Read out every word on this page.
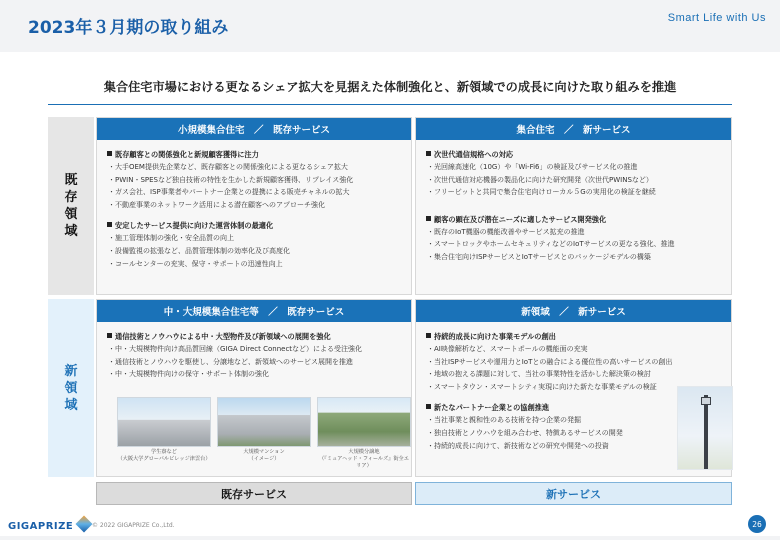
2023年３月期の取り組み	Smart Life with Us
集合住宅市場における更なるシェア拡大を見据えた体制強化と、新領域での成長に向けた取り組みを推進
既
存
領
域
新
領
域
小規模集合住宅　／　既存サービス
既存顧客との関係強化と新規顧客獲得に注力
・ 大手OEM提供先企業など、既存顧客との関係強化による更なるシェア拡大
・ PWIN・SPESなど独自技術の特性を生かした新規顧客獲得、リプレイス強化
・ ガス会社、ISP事業者やパートナー企業との提携による販売チャネルの拡大
・ 不動産事業のネットワーク活用による潜在顧客へのアプローチ強化
安定したサービス提供に向けた運営体制の最適化
・ 施工管理体制の強化・安全品質の向上
・ 設備監視の拡張など、品質管理体制の効率化及び高度化
・ コールセンターの充実、保守・サポートの迅速性向上
集合住宅　／　新サービス
次世代通信規格への対応
・ 光回線高速化（10G）や「Wi-Fi6」の検証及びサービス化の推進
・ 次世代通信対応機器の製品化に向けた研究開発（次世代PWINSなど）
・ フリービットと共同で集合住宅向けローカル５Gの実用化の検証を継続
顧客の顕在及び潜在ニーズに適したサービス開発強化
・ 既存のIoT機器の機能改善やサービス拡充の推進
・ スマートロックやホームセキュリティなどのIoTサービスの更なる強化、推進
・ 集合住宅向けISPサービスとIoTサービスとのパッケージモデルの構築
中・大規模集合住宅等　／　既存サービス
通信技術とノウハウによる中・大型物件及び新領域への展開を強化
・ 中・大規模物件向け高品質回線（GIGA Direct Connectなど）による受注強化
・ 通信技術とノウハウを駆使し、分譲地など、新領域へのサービス展開を推進
・ 中・大規模物件向けの保守・サポート体制の強化
学生寮など
（大阪大学グローバルビレッジ津雲台）
大規模マンション
（イメージ）
大規模分譲地
（『ミュアヘッド・フィールズ』街全エリア）
新領域　／　新サービス
持続的成長に向けた事業モデルの創出
・ AI映像解析など、スマートポールの機能面の充実
・ 当社ISPサービスや運用力とIoTとの融合による優位性の高いサービスの創出
・ 地域の抱える課題に対して、当社の事業特性を活かした解決策の検討
・ スマートタウン・スマートシティ実現に向けた新たな事業モデルの検証
新たなパートナー企業との協創推進
・ 当社事業と親和性のある技術を持つ企業の発掘
・ 独自技術とノウハウを組み合わせ、特徴あるサービスの開発
・ 持続的成長に向けて、新技術などの研究や開発への投資
既存サービス	新サービス
GIGAPRIZE	© 2022 GIGAPRIZE Co.,Ltd.	26
